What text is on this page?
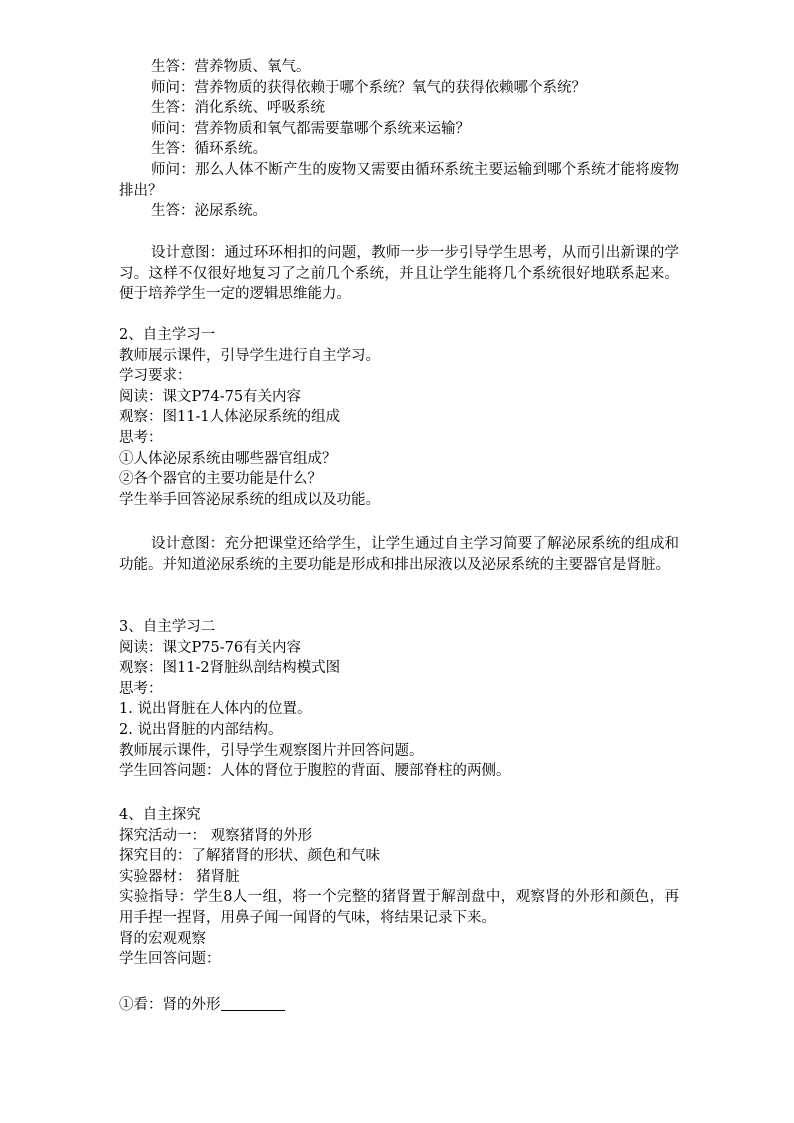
生答：营养物质、氧气。
师问：营养物质的获得依赖于哪个系统？氧气的获得依赖哪个系统？
生答：消化系统、呼吸系统
师问：营养物质和氧气都需要靠哪个系统来运输？
生答：循环系统。
师问：那么人体不断产生的废物又需要由循环系统主要运输到哪个系统才能将废物排出？
生答：泌尿系统。
设计意图：通过环环相扣的问题，教师一步一步引导学生思考，从而引出新课的学习。这样不仅很好地复习了之前几个系统，并且让学生能将几个系统很好地联系起来。便于培养学生一定的逻辑思维能力。
2、自主学习一
教师展示课件，引导学生进行自主学习。
学习要求：
阅读：课文P74-75有关内容
观察：图11-1人体泌尿系统的组成
思考：
①人体泌尿系统由哪些器官组成？
②各个器官的主要功能是什么？
学生举手回答泌尿系统的组成以及功能。
设计意图：充分把课堂还给学生，让学生通过自主学习简要了解泌尿系统的组成和功能。并知道泌尿系统的主要功能是形成和排出尿液以及泌尿系统的主要器官是肾脏。
3、自主学习二
阅读：课文P75-76有关内容
观察：图11-2肾脏纵剖结构模式图
思考：
1. 说出肾脏在人体内的位置。
2. 说出肾脏的内部结构。
教师展示课件，引导学生观察图片并回答问题。
学生回答问题：人体的肾位于腹腔的背面、腰部脊柱的两侧。
4、自主探究
探究活动一： 观察猪肾的外形
探究目的：了解猪肾的形状、颜色和气味
实验器材： 猪肾脏
实验指导：学生8人一组，将一个完整的猪肾置于解剖盘中，观察肾的外形和颜色，再用手捏一捏肾，用鼻子闻一闻肾的气味，将结果记录下来。
肾的宏观观察
学生回答问题：
①看：肾的外形
